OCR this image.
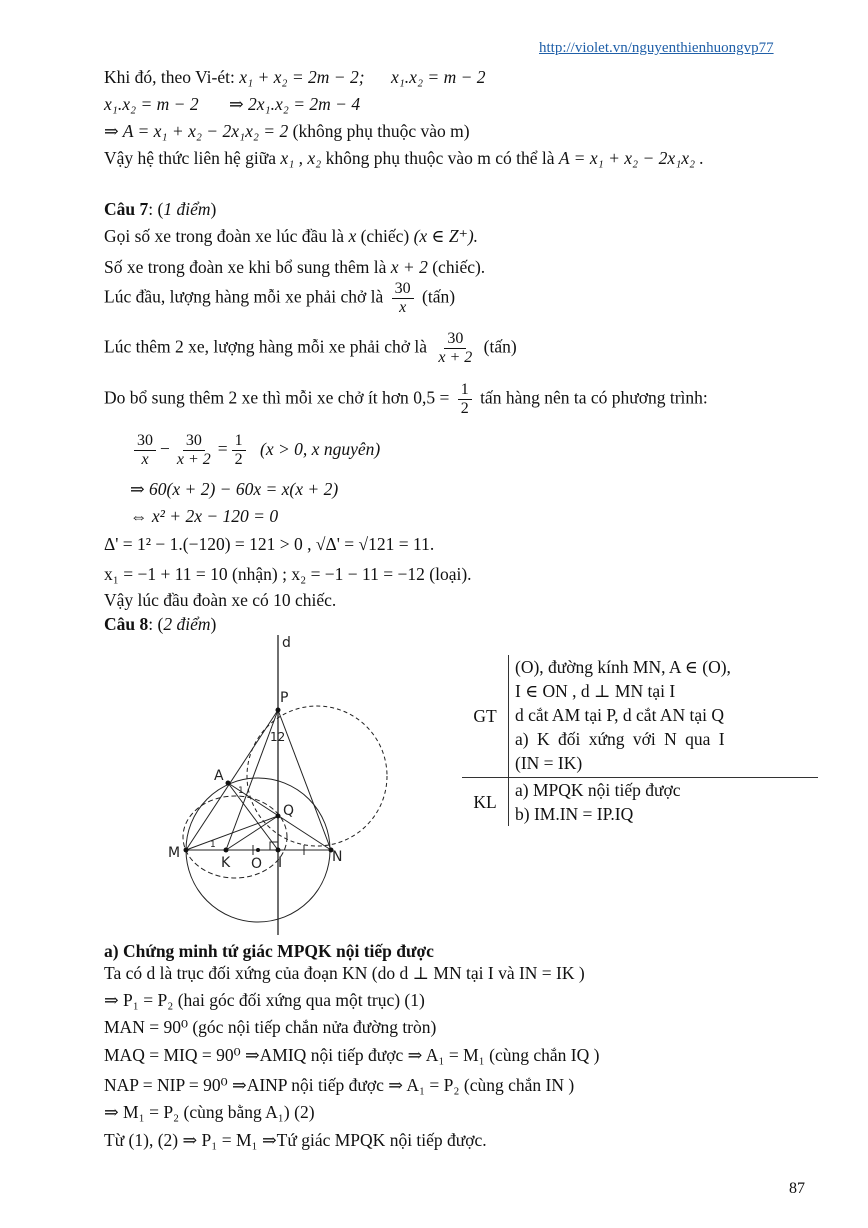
http://violet.vn/nguyenthienhuongvp77
Khi đó, theo Vi-ét: x₁ + x₂ = 2m − 2; x₁.x₂ = m − 2
x₁.x₂ = m − 2 ⇒ 2x₁.x₂ = 2m − 4
⇒ A = x₁ + x₂ − 2x₁x₂ = 2 (không phụ thuộc vào m)
Vậy hệ thức liên hệ giữa x₁ , x₂ không phụ thuộc vào m có thể là A = x₁ + x₂ − 2x₁x₂ .
Câu 7: (1 điểm)
Gọi số xe trong đoàn xe lúc đầu là x (chiếc) (x ∈ Z⁺).
Số xe trong đoàn xe khi bổ sung thêm là x + 2 (chiếc).
Lúc đầu, lượng hàng mỗi xe phải chở là $\frac{30}{x}$ (tấn)
Lúc thêm 2 xe, lượng hàng mỗi xe phải chở là $\frac{30}{x + 2}$ (tấn)
Do bổ sung thêm 2 xe thì mỗi xe chở ít hơn $0,5 = \frac{1}{2}$ tấn hàng nên ta có phương trình:
$\frac{30}{x} - \frac{30}{x + 2} = \frac{1}{2} (x > 0$, x nguyên)
⇒ 60(x + 2) − 60x = x(x + 2)
⇔ x² + 2x − 120 = 0
Δ' = 1² − 1.(−120) = 121 > 0 , √Δ' = √121 = 11.
x₁ = −1 + 11 = 10 (nhận) ; x₂ = −1 − 11 = −12 (loại).
Vậy lúc đầu đoàn xe có 10 chiếc.
Câu 8: (2 điểm)
d
P
12
A
1
Q
M	1
K O I	N
GT
(O), đường kính MN, A ∈ (O),
I ∈ ON , d ⊥ MN tại I
d cắt AM tại P, d cắt AN tại Q
a) K đối xứng với N qua I
(IN = IK)
KL
a) MPQK nội tiếp được
b) IM.IN = IP.IQ
a) Chứng minh tứ giác MPQK nội tiếp được
Ta có d là trục đối xứng của đoạn KN (do d ⊥ MN tại I và IN = IK )
⇒ P₁ = P₂ (hai góc đối xứng qua một trục) (1)
MAN = 90⁰ (góc nội tiếp chắn nửa đường tròn)
MAQ = MIQ = 90⁰ ⇒AMIQ nội tiếp được ⇒ A₁ = M₁ (cùng chắn IQ )
NAP = NIP = 90⁰ ⇒AINP nội tiếp được ⇒ A₁ = P₂ (cùng chắn IN )
⇒ M₁ = P₂ (cùng bằng A₁) (2)
Từ (1), (2) ⇒ P₁ = M₁ ⇒Tứ giác MPQK nội tiếp được.
87
